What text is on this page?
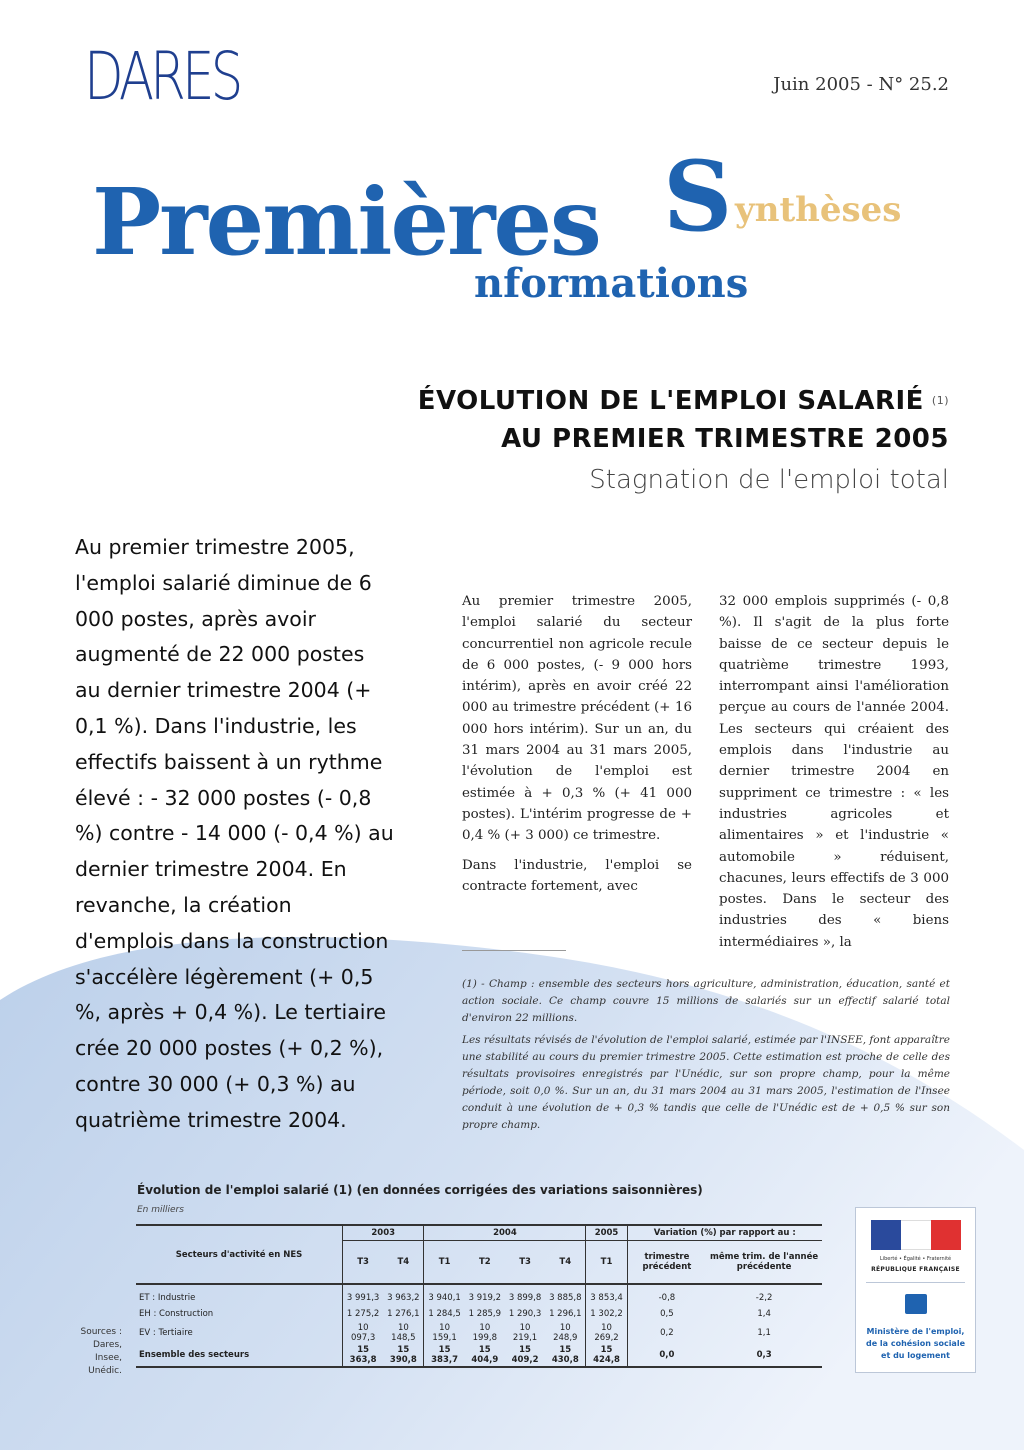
DARES	Juin 2005 - N° 25.2
Premières S ynthèses
nformations
ÉVOLUTION DE L'EMPLOI SALARIÉ $^{(1)}$
AU PREMIER TRIMESTRE 2005
Stagnation de l'emploi total
Au premier trimestre 2005, l'emploi salarié diminue de 6 000 postes, après avoir augmenté de 22 000 postes au dernier trimestre 2004 (+ 0,1 %). Dans l'industrie, les effectifs baissent à un rythme élevé : - 32 000 postes (- 0,8 %) contre - 14 000 (- 0,4 %) au dernier trimestre 2004. En revanche, la création d'emplois dans la construction s'accélère légèrement (+ 0,5 %, après + 0,4 %). Le tertiaire crée 20 000 postes (+ 0,2 %), contre 30 000 (+ 0,3 %) au quatrième trimestre 2004.

Au premier trimestre 2005, l'emploi salarié du secteur concurrentiel non agricole recule de 6 000 postes, (- 9 000 hors intérim), après en avoir créé 22 000 au trimestre précédent (+ 16 000 hors intérim). Sur un an, du 31 mars 2004 au 31 mars 2005, l'évolution de l'emploi est estimée à + 0,3 % (+ 41 000 postes). L'intérim progresse de + 0,4 % (+ 3 000) ce trimestre.

Dans l'industrie, l'emploi se contracte fortement, avec

32 000 emplois supprimés (- 0,8 %). Il s'agit de la plus forte baisse de ce secteur depuis le quatrième trimestre 1993, interrompant ainsi l'amélioration perçue au cours de l'année 2004. Les secteurs qui créaient des emplois dans l'industrie au dernier trimestre 2004 en suppriment ce trimestre : « les industries agricoles et alimentaires » et l'industrie « automobile » réduisent, chacunes, leurs effectifs de 3 000 postes. Dans le secteur des industries des « biens intermédiaires », la

(1) - Champ : ensemble des secteurs hors agriculture, administration, éducation, santé et action sociale. Ce champ couvre 15 millions de salariés sur un effectif salarié total d'environ 22 millions.

Les résultats révisés de l'évolution de l'emploi salarié, estimée par l'INSEE, font apparaître une stabilité au cours du premier trimestre 2005. Cette estimation est proche de celle des résultats provisoires enregistrés par l'Unédic, sur son propre champ, pour la même période, soit 0,0 %. Sur un an, du 31 mars 2004 au 31 mars 2005, l'estimation de l'Insee conduit à une évolution de + 0,3 % tandis que celle de l'Unédic est de + 0,5 % sur son propre champ.

Évolution de l'emploi salarié (1) (en données corrigées des variations saisonnières)
En milliers
Sources : Dares, Insee, Unédic.
Secteurs d'activité en NES	2003		2004				2005	Variation (%) par rapport au :	
	T3	T4	T1	T2	T3	T4	T1	trimestre précédent	même trim. de l'année précédente
ET : Industrie	3 991,3	3 963,2	3 940,1	3 919,2	3 899,8	3 885,8	3 853,4	-0,8	-2,2
EH : Construction	1 275,2	1 276,1	1 284,5	1 285,9	1 290,3	1 296,1	1 302,2	0,5	1,4
EV : Tertiaire	10 097,3	10 148,5	10 159,1	10 199,8	10 219,1	10 248,9	10 269,2	0,2	1,1
Ensemble des secteurs	15 363,8	15 390,8	15 383,7	15 404,9	15 409,2	15 430,8	15 424,8	0,0	0,3
Liberté • Égalité • Fraternité
RÉPUBLIQUE FRANÇAISE
Ministère de l'emploi, de la cohésion sociale et du logement
